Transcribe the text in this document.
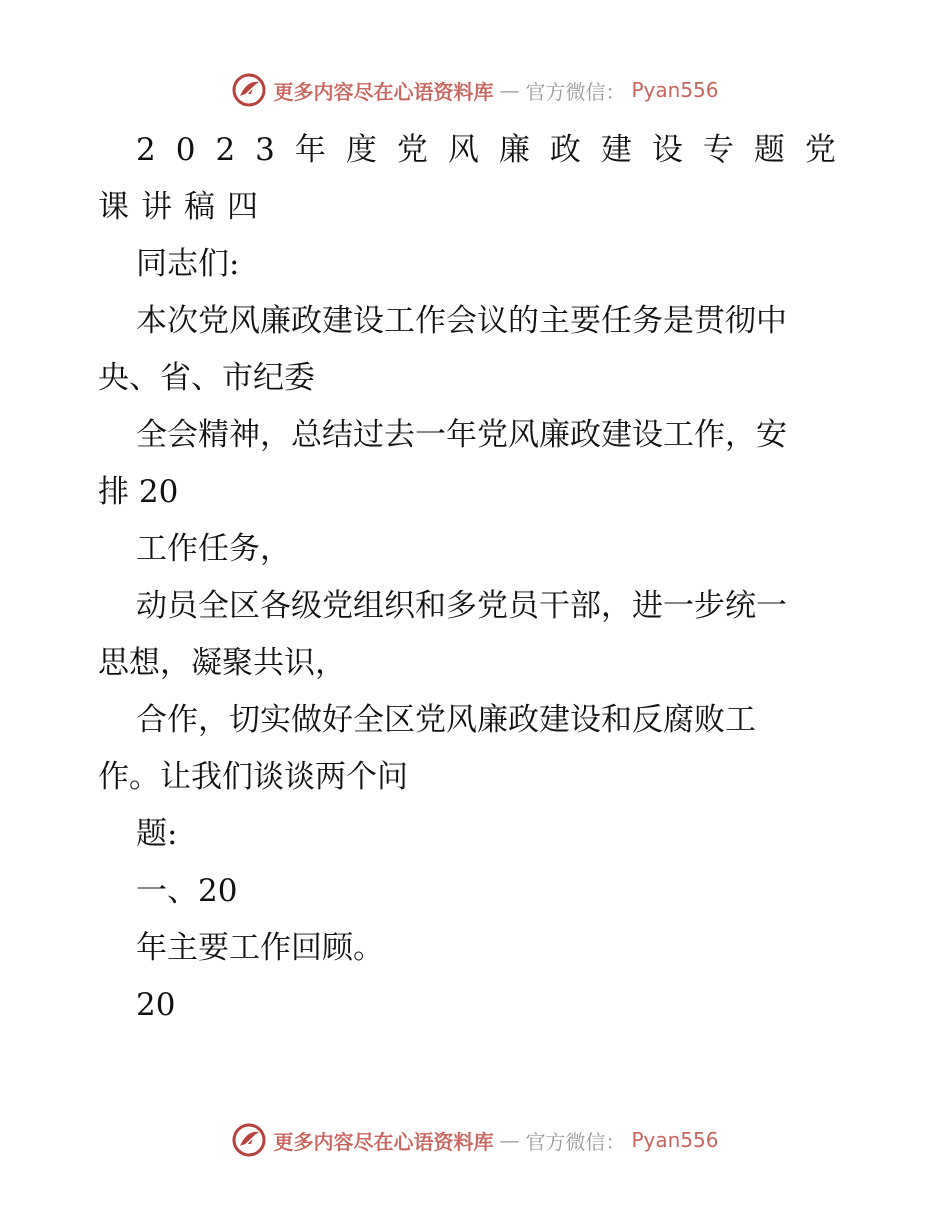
更多内容尽在心语资料库 — 官方微信： Pyan556
2023年度党风廉政建设专题党
课讲稿四
同志们:
本次党风廉政建设工作会议的主要任务是贯彻中
央、省、市纪委
全会精神，总结过去一年党风廉政建设工作，安
排 20
工作任务，
动员全区各级党组织和多党员干部，进一步统一
思想，凝聚共识，
合作，切实做好全区党风廉政建设和反腐败工
作。让我们谈谈两个问
题:
一、20
年主要工作回顾。
20
更多内容尽在心语资料库 — 官方微信： Pyan556
